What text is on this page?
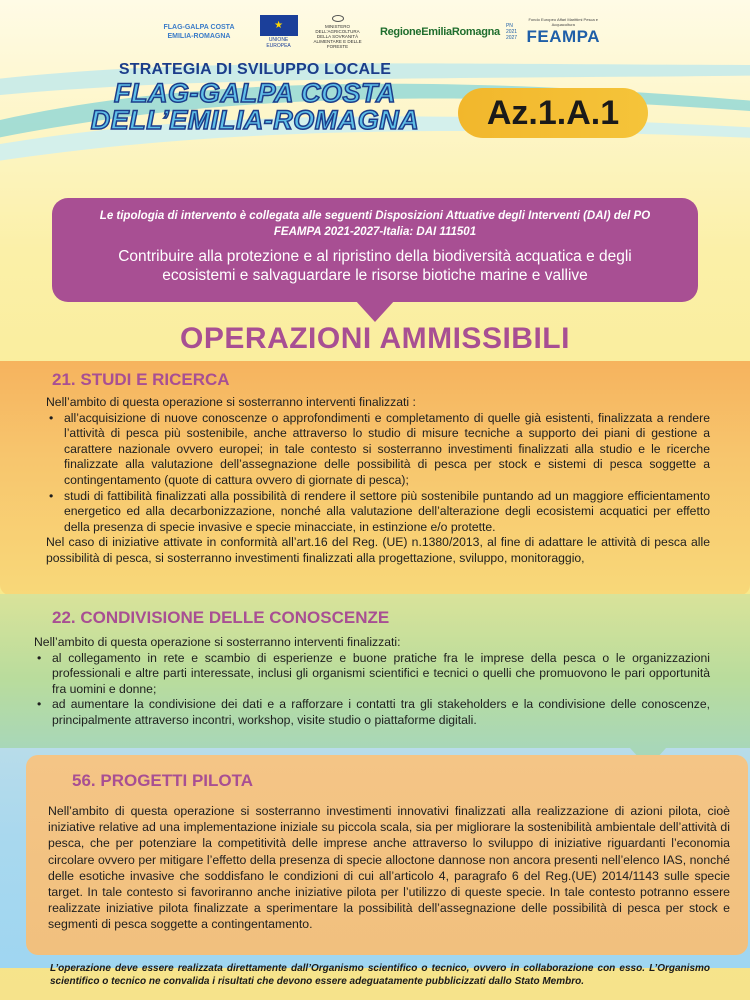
FLAG-GALPA COSTA EMILIA-ROMAGNA
★
UNIONE EUROPEA
MINISTERO DELL'AGRICOLTURA DELLA SOVRANITÀ ALIMENTARE E DELLE FORESTE
RegioneEmiliaRomagna PN 2021 2027
Fondo Europeo Affari Marittimi Pesca e Acquacoltura
FEAMPA
STRATEGIA DI SVILUPPO LOCALE
FLAG-GALPA COSTA
DELL’EMILIA-ROMAGNA	Az.1.A.1
Le tipologia di intervento è collegata alle seguenti Disposizioni Attuative degli Interventi (DAI) del PO FEAMPA 2021-2027-Italia: DAI 111501
Contribuire alla protezione e al ripristino della biodiversità acquatica e degli ecosistemi e salvaguardare le risorse biotiche marine e vallive
OPERAZIONI AMMISSIBILI
21. STUDI E RICERCA

Nell’ambito di questa operazione si sosterranno interventi finalizzati :

• all’acquisizione di nuove conoscenze o approfondimenti e completamento di quelle già esistenti, finalizzata a rendere l’attività di pesca più sostenibile, anche attraverso lo studio di misure tecniche a supporto dei piani di gestione a carattere nazionale ovvero europei; in tale contesto si sosterranno investimenti finalizzati alla studio e le ricerche finalizzate alla valutazione dell’assegnazione delle possibilità di pesca per stock e sistemi di pesca soggette a contingentamento (quote di cattura ovvero di giornate di pesca);
• studi di fattibilità finalizzati alla possibilità di rendere il settore più sostenibile puntando ad un maggiore efficientamento energetico ed alla decarbonizzazione, nonché alla valutazione dell’alterazione degli ecosistemi acquatici per effetto della presenza di specie invasive e specie minacciate, in estinzione e/o protette.

Nel caso di iniziative attivate in conformità all’art.16 del Reg. (UE) n.1380/2013, al fine di adattare le attività di pesca alle possibilità di pesca, si sosterranno investimenti finalizzati alla progettazione, sviluppo, monitoraggio,

22. CONDIVISIONE DELLE CONOSCENZE

Nell’ambito di questa operazione si sosterranno interventi finalizzati:

• al collegamento in rete e scambio di esperienze e buone pratiche fra le imprese della pesca o le organizzazioni professionali e altre parti interessate, inclusi gli organismi scientifici e tecnici o quelli che promuovono le pari opportunità fra uomini e donne;
• ad aumentare la condivisione dei dati e a rafforzare i contatti tra gli stakeholders e la condivisione delle conoscenze, principalmente attraverso incontri, workshop, visite studio o piattaforme digitali.
56. PROGETTI PILOTA

Nell’ambito di questa operazione si sosterranno investimenti innovativi finalizzati alla realizzazione di azioni pilota, cioè iniziative relative ad una implementazione iniziale su piccola scala, sia per migliorare la sostenibilità ambientale dell’attività di pesca, che per potenziare la competitività delle imprese anche attraverso lo sviluppo di iniziative riguardanti l’economia circolare ovvero per mitigare l’effetto della presenza di specie alloctone dannose non ancora presenti nell’elenco IAS, nonché delle esotiche invasive che soddisfano le condizioni di cui all’articolo 4, paragrafo 6 del Reg.(UE) 2014/1143 sulle specie target. In tale contesto si favoriranno anche iniziative pilota per l’utilizzo di queste specie. In tale contesto potranno essere realizzate iniziative pilota finalizzate a sperimentare la possibilità dell’assegnazione delle possibilità di pesca per stock e segmenti di pesca soggette a contingentamento.

L’operazione deve essere realizzata direttamente dall’Organismo scientifico o tecnico, ovvero in collaborazione con esso. L’Organismo scientifico o tecnico ne convalida i risultati che devono essere adeguatamente pubblicizzati dallo Stato Membro.
